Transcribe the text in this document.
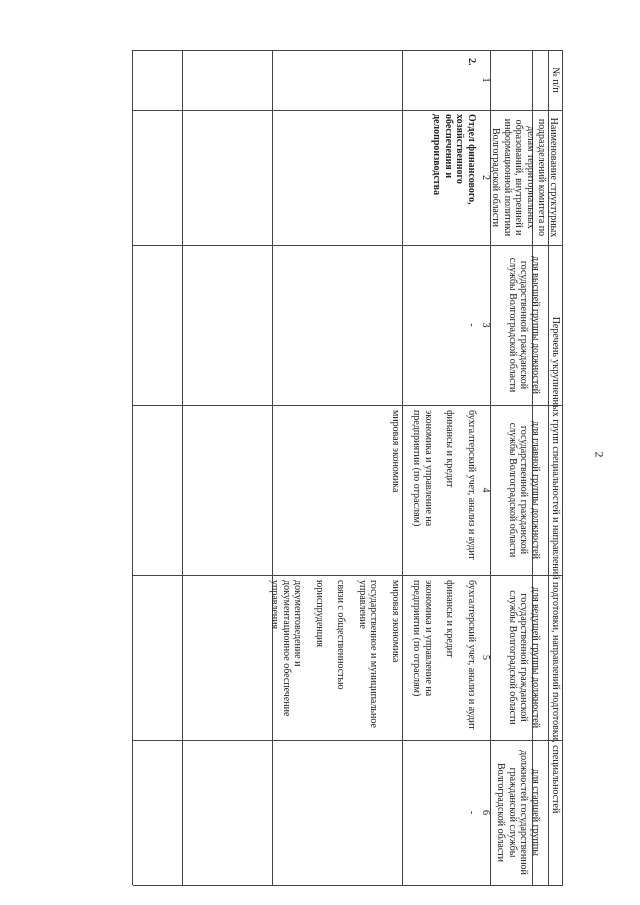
2
№ п/п
Наименование структурных подразделений комитета по делам территориальных образований, внутренней и информационной политики Волгоградской области
Перечень укрупненных групп специальностей и направлений подготовки, направлений подготовки, специальностей
для высшей группы должностей государственной гражданской службы Волгоградской области
для главной группы должностей государственной гражданской службы Волгоградской области
для ведущей группы должностей государственной гражданской службы Волгоградской области
для старшей группы должностей государственной гражданской службы Волгоградской области
1
2
3
4
5
6
2.
Отдел финансового, хозяйственного обеспечения и делопроизводства
-

бухгалтерский учет, анализ и аудит

финансы и кредит

экономика и управление на предприятии (по отраслям)

мировая экономика

бухгалтерский учет, анализ и аудит

финансы и кредит

экономика и управление на предприятии (по отраслям)

мировая экономика

государственное и муниципальное управление

связи с общественностью

юриспруденция

документоведение и документационное обеспечение управления

-
